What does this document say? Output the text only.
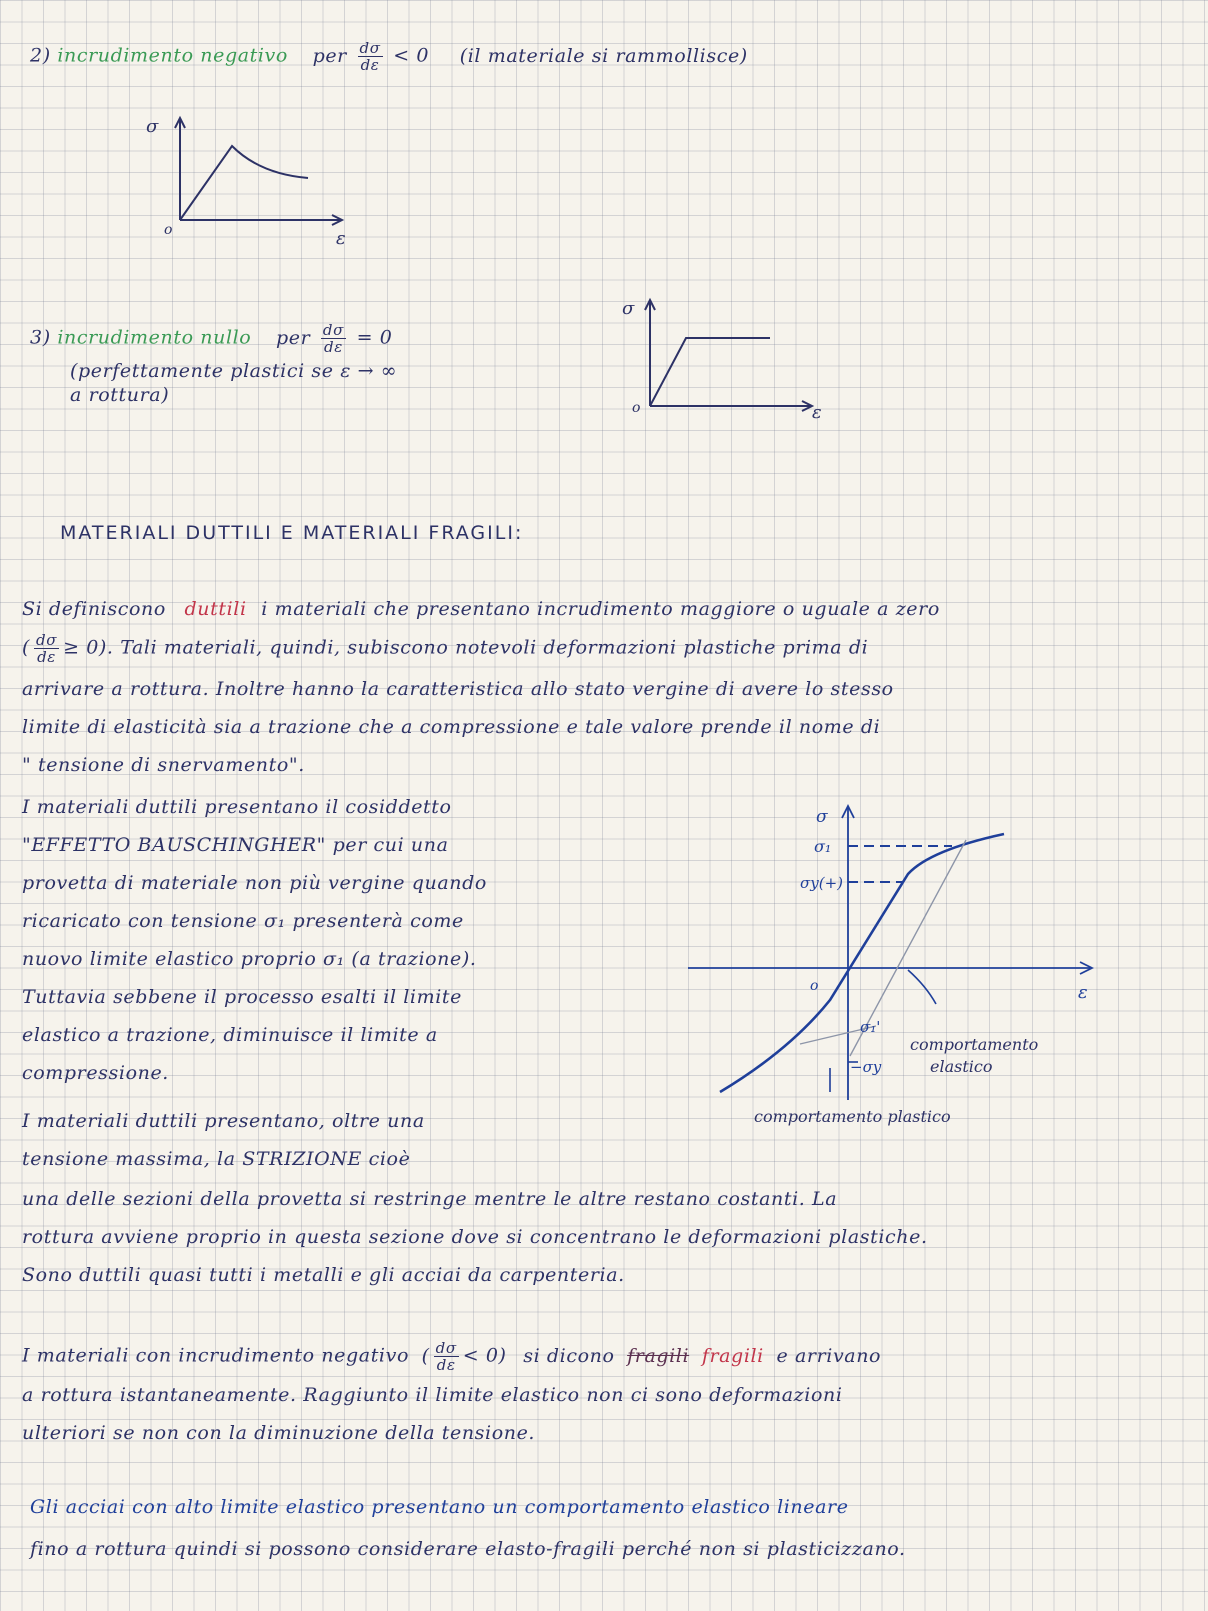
2) incrudimento negativo per $\frac{d\sigma}{d\varepsilon} < 0$ (il materiale si rammollisce)
σ
ε
o
3) incrudimento nullo per $\frac{d\sigma}{d\varepsilon} = 0$
(perfettamente plastici se ε → ∞
a rottura)
σ
ε
o
MATERIALI DUTTILI E MATERIALI FRAGILI:
Si definiscono duttili i materiali che presentano incrudimento maggiore o uguale a zero
( $\frac{d\sigma}{d\varepsilon} \ge 0$). Tali materiali, quindi, subiscono notevoli deformazioni plastiche prima di
arrivare a rottura. Inoltre hanno la caratteristica allo stato vergine di avere lo stesso
limite di elasticità sia a trazione che a compressione e tale valore prende il nome di
" tensione di snervamento".
I materiali duttili presentano il cosiddetto
"EFFETTO BAUSCHINGHER" per cui una
provetta di materiale non più vergine quando
ricaricato con tensione σ₁ presenterà come
nuovo limite elastico proprio σ₁ (a trazione).
Tuttavia sebbene il processo esalti il limite
elastico a trazione, diminuisce il limite a
compressione.
I materiali duttili presentano, oltre una
tensione massima, la STRIZIONE cioè
una delle sezioni della provetta si restringe mentre le altre restano costanti. La
rottura avviene proprio in questa sezione dove si concentrano le deformazioni plastiche.
Sono duttili quasi tutti i metalli e gli acciai da carpenteria.
σ
ε
o
σ₁
σy(+)
σ₁'
−σy
comportamento
elastico
comportamento plastico
I materiali con incrudimento negativo ( $\frac{d\sigma}{d\varepsilon} < 0$) si dicono fragili fragili e arrivano
a rottura istantaneamente. Raggiunto il limite elastico non ci sono deformazioni
ulteriori se non con la diminuzione della tensione.
Gli acciai con alto limite elastico presentano un comportamento elastico lineare
fino a rottura quindi si possono considerare elasto-fragili perché non si plasticizzano.
